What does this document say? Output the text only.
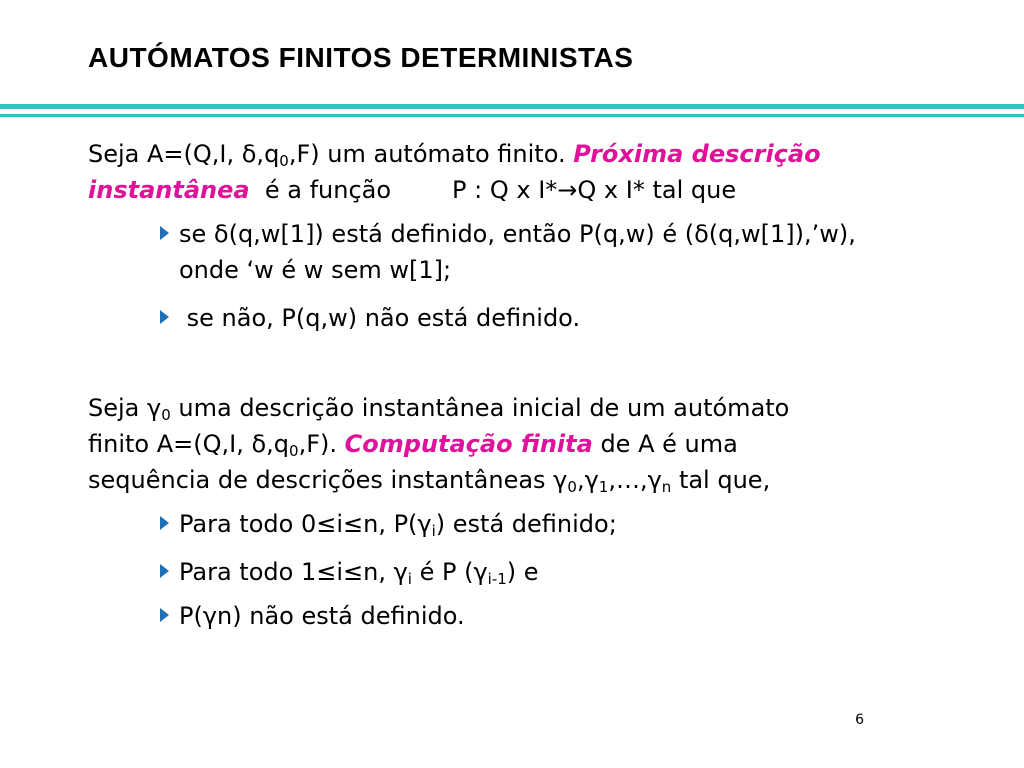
AUTÓMATOS FINITOS DETERMINISTAS
Seja A=(Q,I, $\delta,q_0,F$) um autómato finito. Próxima descrição
instantânea  é a função        P : Q x I*→Q x I* tal que
se δ(q,w[1]) está definido, então P(q,w) é (δ(q,w[1]),’w),
onde ‘w é w sem w[1];
se não, P(q,w) não está definido.
Seja $\gamma_0$ uma descrição instantânea inicial de um autómato
finito A=(Q,I, $\delta,q_0,F$). Computação finita de A é uma
sequência de descrições instantâneas $\gamma_0,\gamma_1,\dots,\gamma_n$ tal que,
Para todo 0≤i≤n, $P(\gamma_i)$ está definido;
Para todo 1≤i≤n, $\gamma_i$ é P $(\gamma_{i-1})$ e
P(γn) não está definido.
6
